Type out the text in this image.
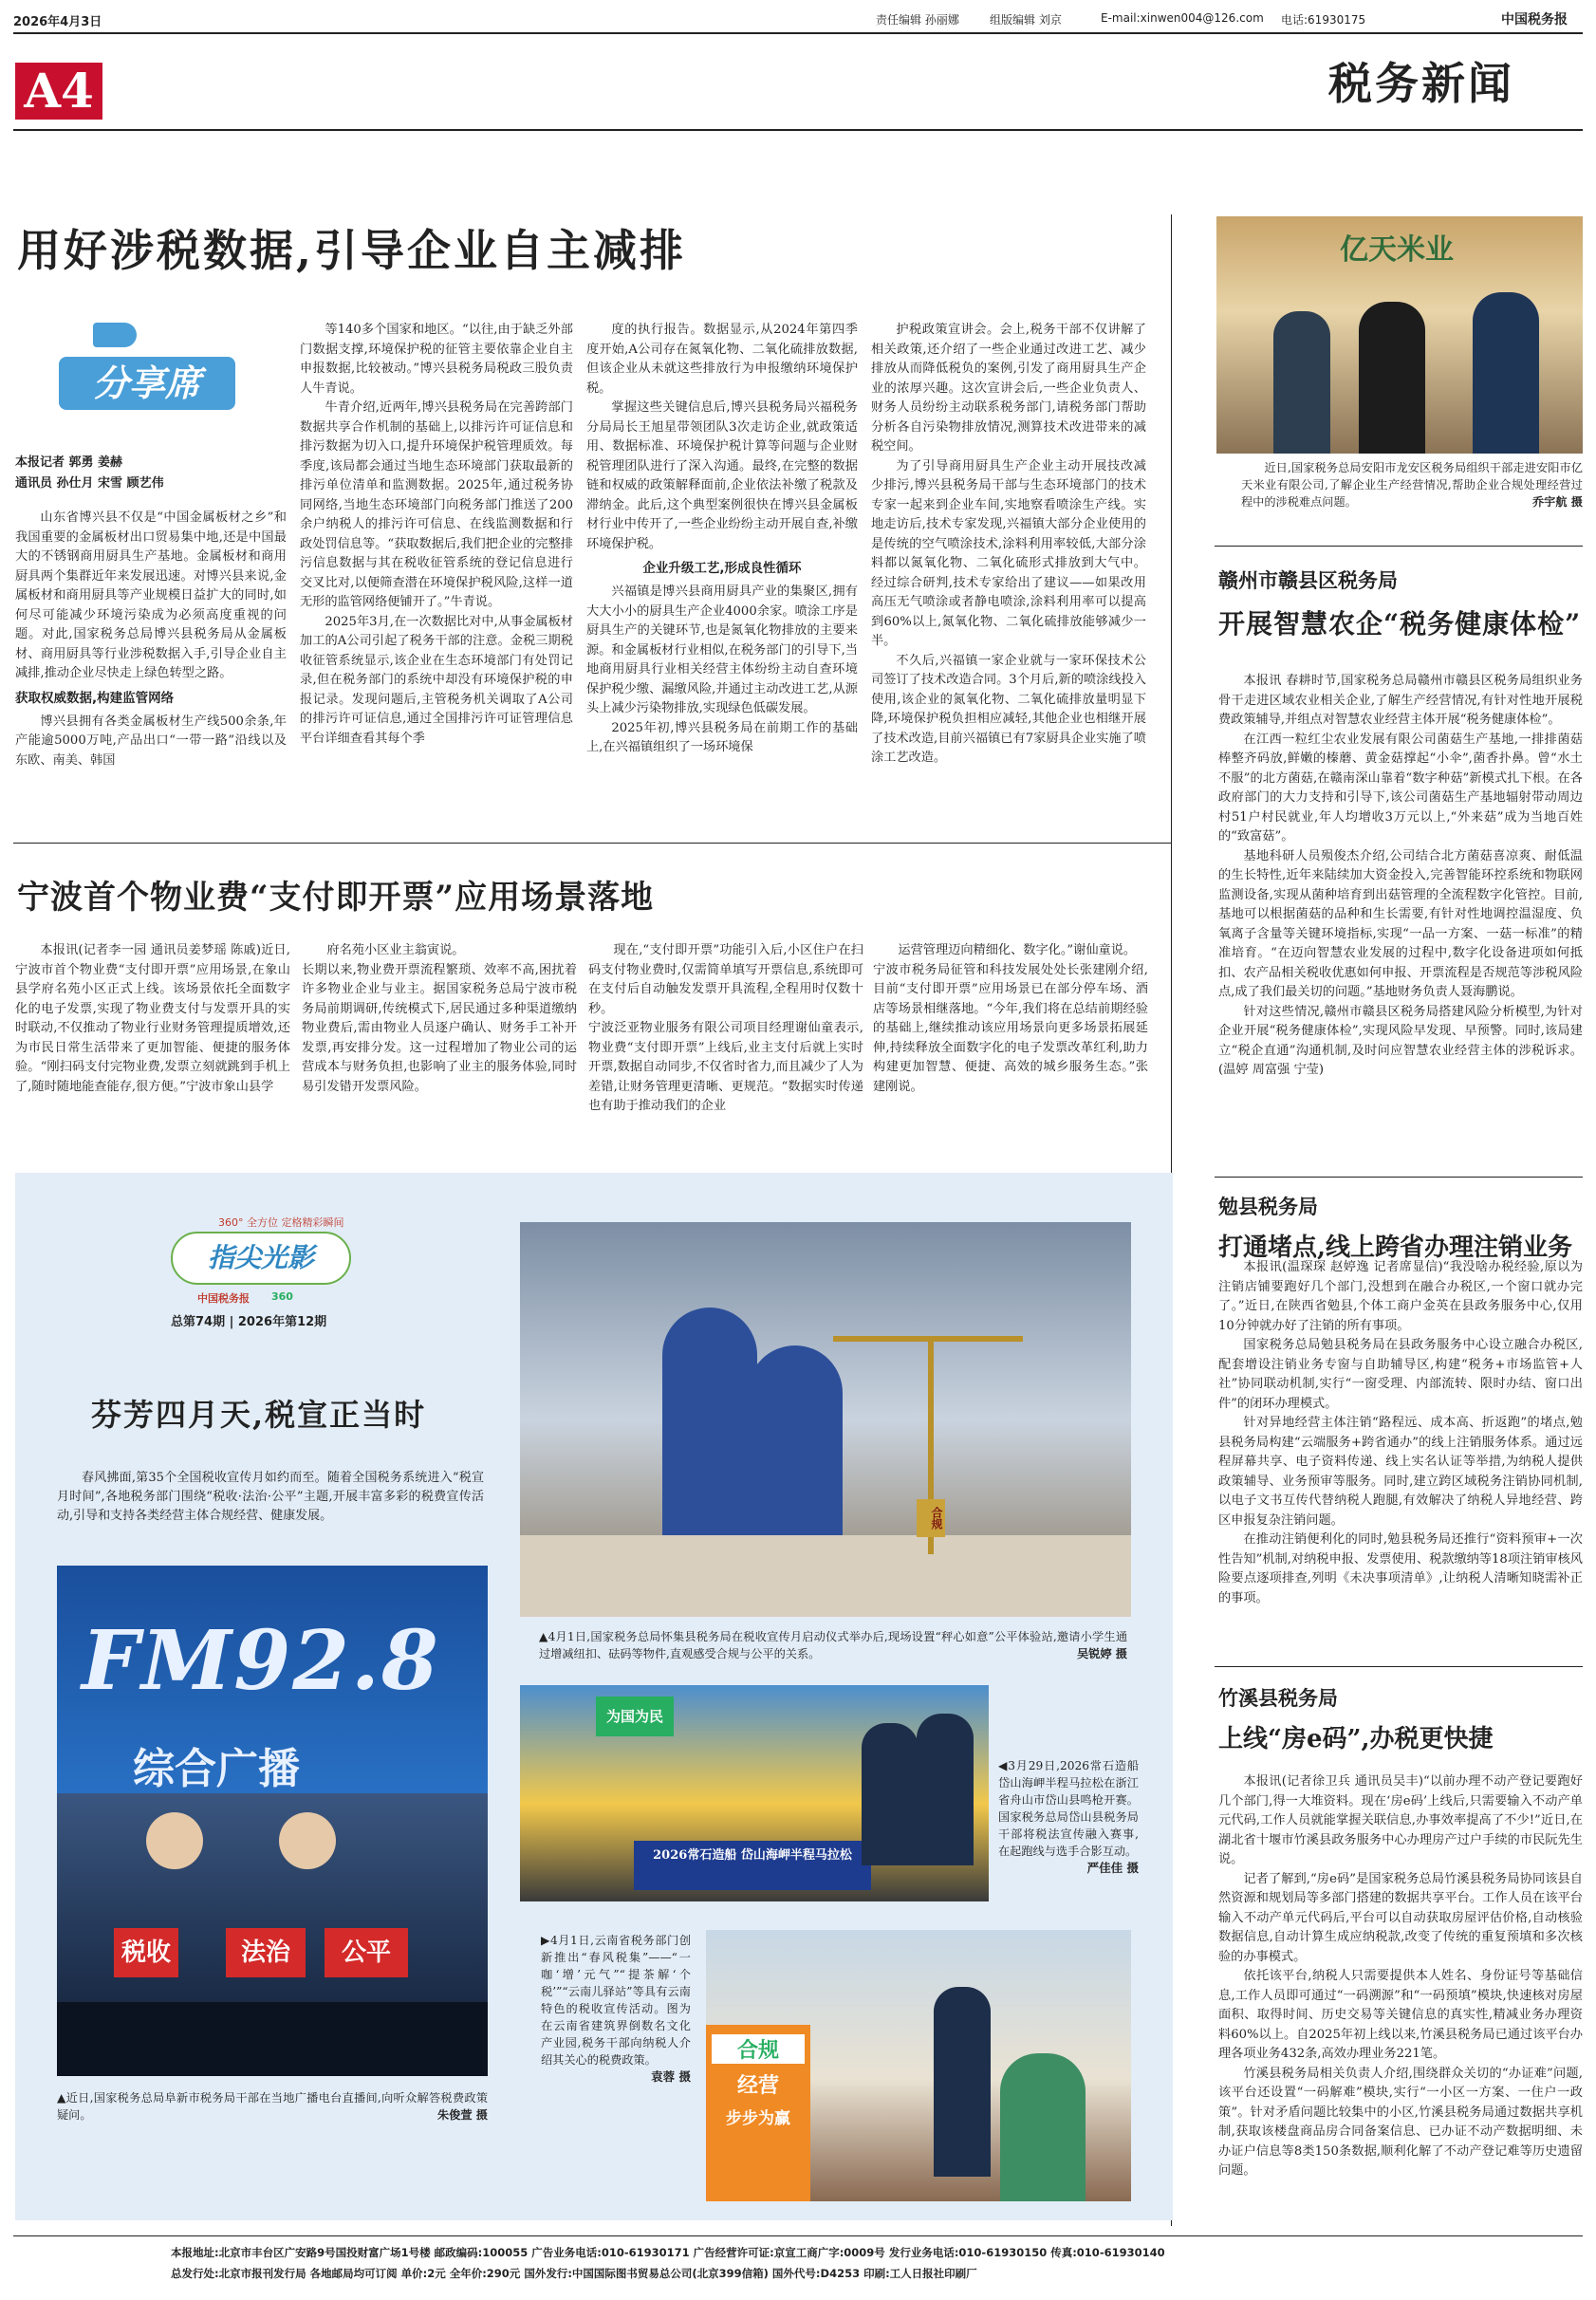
2026年4月3日	责任编辑 孙丽娜	组版编辑 刘京	E-mail:xinwen004@126.com 电话:61930175	中国税务报
A4	税务新闻
用好涉税数据,引导企业自主减排
分享席
本报记者 郭勇 姜赫
通讯员 孙仕月 宋雪 顾艺伟

山东省博兴县不仅是“中国金属板材之乡”和我国重要的金属板材出口贸易集中地,还是中国最大的不锈钢商用厨具生产基地。金属板材和商用厨具两个集群近年来发展迅速。对博兴县来说,金属板材和商用厨具等产业规模日益扩大的同时,如何尽可能减少环境污染成为必须高度重视的问题。对此,国家税务总局博兴县税务局从金属板材、商用厨具等行业涉税数据入手,引导企业自主减排,推动企业尽快走上绿色转型之路。

获取权威数据,构建监管网络

博兴县拥有各类金属板材生产线500余条,年产能逾5000万吨,产品出口“一带一路”沿线以及东欧、南美、韩国

等140多个国家和地区。“以往,由于缺乏外部门数据支撑,环境保护税的征管主要依靠企业自主申报数据,比较被动。”博兴县税务局税政三股负责人牛青说。

牛青介绍,近两年,博兴县税务局在完善跨部门数据共享合作机制的基础上,以排污许可证信息和排污数据为切入口,提升环境保护税管理质效。每季度,该局都会通过当地生态环境部门获取最新的排污单位清单和监测数据。2025年,通过税务协同网络,当地生态环境部门向税务部门推送了200余户纳税人的排污许可信息、在线监测数据和行政处罚信息等。“获取数据后,我们把企业的完整排污信息数据与其在税收征管系统的登记信息进行交叉比对,以便筛查潜在环境保护税风险,这样一道无形的监管网络便铺开了。”牛青说。

2025年3月,在一次数据比对中,从事金属板材加工的A公司引起了税务干部的注意。金税三期税收征管系统显示,该企业在生态环境部门有处罚记录,但在税务部门的系统中却没有环境保护税的申报记录。发现问题后,主管税务机关调取了A公司的排污许可证信息,通过全国排污许可证管理信息平台详细查看其每个季

度的执行报告。数据显示,从2024年第四季度开始,A公司存在氮氧化物、二氧化硫排放数据,但该企业从未就这些排放行为申报缴纳环境保护税。

掌握这些关键信息后,博兴县税务局兴福税务分局局长王旭星带领团队3次走访企业,就政策适用、数据标准、环境保护税计算等问题与企业财税管理团队进行了深入沟通。最终,在完整的数据链和权威的政策解释面前,企业依法补缴了税款及滞纳金。此后,这个典型案例很快在博兴县金属板材行业中传开了,一些企业纷纷主动开展自查,补缴环境保护税。

企业升级工艺,形成良性循环

兴福镇是博兴县商用厨具产业的集聚区,拥有大大小小的厨具生产企业4000余家。喷涂工序是厨具生产的关键环节,也是氮氧化物排放的主要来源。和金属板材行业相似,在税务部门的引导下,当地商用厨具行业相关经营主体纷纷主动自查环境保护税少缴、漏缴风险,并通过主动改进工艺,从源头上减少污染物排放,实现绿色低碳发展。

2025年初,博兴县税务局在前期工作的基础上,在兴福镇组织了一场环境保

护税政策宣讲会。会上,税务干部不仅讲解了相关政策,还介绍了一些企业通过改进工艺、减少排放从而降低税负的案例,引发了商用厨具生产企业的浓厚兴趣。这次宣讲会后,一些企业负责人、财务人员纷纷主动联系税务部门,请税务部门帮助分析各自污染物排放情况,测算技术改进带来的减税空间。

为了引导商用厨具生产企业主动开展技改减少排污,博兴县税务局干部与生态环境部门的技术专家一起来到企业车间,实地察看喷涂生产线。实地走访后,技术专家发现,兴福镇大部分企业使用的是传统的空气喷涂技术,涂料利用率较低,大部分涂料都以氮氧化物、二氧化硫形式排放到大气中。经过综合研判,技术专家给出了建议——如果改用高压无气喷涂或者静电喷涂,涂料利用率可以提高到60%以上,氮氧化物、二氧化硫排放能够减少一半。

不久后,兴福镇一家企业就与一家环保技术公司签订了技术改造合同。3个月后,新的喷涂线投入使用,该企业的氮氧化物、二氧化硫排放量明显下降,环境保护税负担相应减轻,其他企业也相继开展了技术改造,目前兴福镇已有7家厨具企业实施了喷涂工艺改造。

宁波首个物业费“支付即开票”应用场景落地
本报讯(记者李一园 通讯员姜梦瑶 陈戚)近日,宁波市首个物业费“支付即开票”应用场景,在象山县学府名苑小区正式上线。该场景依托全面数字化的电子发票,实现了物业费支付与发票开具的实时联动,不仅推动了物业行业财务管理提质增效,还为市民日常生活带来了更加智能、便捷的服务体验。“刚扫码支付完物业费,发票立刻就跳到手机上了,随时随地能查能存,很方便。”宁波市象山县学
府名苑小区业主翁寅说。
长期以来,物业费开票流程繁琐、效率不高,困扰着许多物业企业与业主。据国家税务总局宁波市税务局前期调研,传统模式下,居民通过多种渠道缴纳物业费后,需由物业人员逐户确认、财务手工补开发票,再安排分发。这一过程增加了物业公司的运营成本与财务负担,也影响了业主的服务体验,同时易引发错开发票风险。
现在,“支付即开票”功能引入后,小区住户在扫码支付物业费时,仅需简单填写开票信息,系统即可在支付后自动触发发票开具流程,全程用时仅数十秒。
宁波泛亚物业服务有限公司项目经理谢仙童表示,物业费“支付即开票”上线后,业主支付后就上实时开票,数据自动同步,不仅省时省力,而且减少了人为差错,让财务管理更清晰、更规范。“数据实时传递也有助于推动我们的企业
运营管理迈向精细化、数字化。”谢仙童说。
宁波市税务局征管和科技发展处处长张建刚介绍,目前“支付即开票”应用场景已在部分停车场、酒店等场景相继落地。“今年,我们将在总结前期经验的基础上,继续推动该应用场景向更多场景拓展延伸,持续释放全面数字化的电子发票改革红利,助力构建更加智慧、便捷、高效的城乡服务生态。”张建刚说。
亿天米业
近日,国家税务总局安阳市龙安区税务局组织干部走进安阳市亿天米业有限公司,了解企业生产经营情况,帮助企业合规处理经营过程中的涉税难点问题。	乔宇航 摄
赣州市赣县区税务局
开展智慧农企“税务健康体检”

本报讯 春耕时节,国家税务总局赣州市赣县区税务局组织业务骨干走进区域农业相关企业,了解生产经营情况,有针对性地开展税费政策辅导,并组点对智慧农业经营主体开展“税务健康体检”。

在江西一粒红尘农业发展有限公司菌菇生产基地,一排排菌菇棒整齐码放,鲜嫩的榛蘑、黄金菇撑起“小伞”,菌香扑鼻。曾“水土不服”的北方菌菇,在赣南深山靠着“数字种菇”新模式扎下根。在各政府部门的大力支持和引导下,该公司菌菇生产基地辐射带动周边村51户村民就业,年人均增收3万元以上,“外来菇”成为当地百姓的“致富菇”。

基地科研人员殒俊杰介绍,公司结合北方菌菇喜凉爽、耐低温的生长特性,近年来陆续加大资金投入,完善智能环控系统和物联网监测设备,实现从菌种培育到出菇管理的全流程数字化管控。目前,基地可以根据菌菇的品种和生长需要,有针对性地调控温湿度、负氧离子含量等关键环境指标,实现“一品一方案、一菇一标准”的精准培育。“在迈向智慧农业发展的过程中,数字化设备进项如何抵扣、农产品相关税收优惠如何申报、开票流程是否规范等涉税风险点,成了我们最关切的问题。”基地财务负责人聂海鹏说。

针对这些情况,赣州市赣县区税务局搭建风险分析模型,为针对企业开展“税务健康体检”,实现风险早发现、早预警。同时,该局建立“税企直通”沟通机制,及时问应智慧农业经营主体的涉税诉求。 (温婷 周富强 宁莹)

勉县税务局
打通堵点,线上跨省办理注销业务

本报讯(温琛琛 赵婷逸 记者席显信)“我没啥办税经验,原以为注销店铺要跑好几个部门,没想到在融合办税区,一个窗口就办完了。”近日,在陕西省勉县,个体工商户金英在县政务服务中心,仅用10分钟就办好了注销的所有事项。

国家税务总局勉县税务局在县政务服务中心设立融合办税区,配套增设注销业务专窗与自助辅导区,构建“税务+市场监管+人社”协同联动机制,实行“一窗受理、内部流转、限时办结、窗口出件”的闭环办理模式。

针对异地经营主体注销“路程远、成本高、折返跑”的堵点,勉县税务局构建“云端服务+跨省通办”的线上注销服务体系。通过远程屏幕共享、电子资料传递、线上实名认证等举措,为纳税人提供政策辅导、业务预审等服务。同时,建立跨区域税务注销协同机制,以电子文书互传代替纳税人跑腿,有效解决了纳税人异地经营、跨区申报复杂注销问题。

在推动注销便利化的同时,勉县税务局还推行“资料预审+一次性告知”机制,对纳税申报、发票使用、税款缴纳等18项注销审核风险要点逐项排查,列明《未决事项清单》,让纳税人清晰知晓需补正的事项。

竹溪县税务局
上线“房e码”,办税更快捷

本报讯(记者徐卫兵 通讯员吴丰)“以前办理不动产登记要跑好几个部门,得一大堆资料。现在‘房e码’上线后,只需要输入不动产单元代码,工作人员就能掌握关联信息,办事效率提高了不少!”近日,在湖北省十堰市竹溪县政务服务中心办理房产过户手续的市民阮先生说。

记者了解到,“房e码”是国家税务总局竹溪县税务局协同该县自然资源和规划局等多部门搭建的数据共享平台。工作人员在该平台输入不动产单元代码后,平台可以自动获取房屋评估价格,自动核验数据信息,自动计算生成应纳税款,改变了传统的重复预填和多次核验的办事模式。

依托该平台,纳税人只需要提供本人姓名、身份证号等基础信息,工作人员即可通过“一码溯源”和“一码预填”模块,快速核对房屋面积、取得时间、历史交易等关键信息的真实性,精减业务办理资料60%以上。自2025年初上线以来,竹溪县税务局已通过该平台办理各项业务432条,高效办理业务221笔。

竹溪县税务局相关负责人介绍,围绕群众关切的“办证难”问题,该平台还设置“一码解难”模块,实行“一小区一方案、一住户一政策”。针对矛盾问题比较集中的小区,竹溪县税务局通过数据共享机制,获取该楼盘商品房合同备案信息、已办证不动产数据明细、未办证户信息等8类150条数据,顺利化解了不动产登记难等历史遗留问题。

360° 全方位 定格精彩瞬间
指尖光影
中国税务报 360
总第74期 | 2026年第12期
芬芳四月天,税宣正当时
春风拂面,第35个全国税收宣传月如约而至。随着全国税务系统进入“税宣月时间”,各地税务部门围绕“税收·法治·公平”主题,开展丰富多彩的税费宣传活动,引导和支持各类经营主体合规经营、健康发展。
FM92.8
综合广播
税收	法治	公平
▲近日,国家税务总局阜新市税务局干部在当地广播电台直播间,向听众解答税费政策疑问。	朱俊萱 摄
合规
▲4月1日,国家税务总局怀集县税务局在税收宣传月启动仪式举办后,现场设置“秤心如意”公平体验站,邀请小学生通过增减纽扣、砝码等物件,直观感受合规与公平的关系。	吴锐婷 摄
为国为民
2026常石造船 岱山海岬半程马拉松
◀3月29日,2026常石造船岱山海岬半程马拉松在浙江省舟山市岱山县鸣枪开赛。国家税务总局岱山县税务局干部将税法宣传融入赛事,在起跑线与选手合影互动。
严佳佳 摄
合规
经营
步步为赢
▶4月1日,云南省税务部门创新推出“春风税集”——“一咖‘增’元气”“提茶解‘个税’”“云南儿驿站”等具有云南特色的税收宣传活动。图为在云南省建筑界倒数名文化产业园,税务干部向纳税人介绍其关心的税费政策。
袁蓉 摄
本报地址:北京市丰台区广安路9号国投财富广场1号楼 邮政编码:100055 广告业务电话:010-61930171 广告经营许可证:京宣工商广字:0009号 发行业务电话:010-61930150 传真:010-61930140
总发行处:北京市报刊发行局 各地邮局均可订阅 单价:2元 全年价:290元 国外发行:中国国际图书贸易总公司(北京399信箱) 国外代号:D4253 印刷:工人日报社印刷厂
